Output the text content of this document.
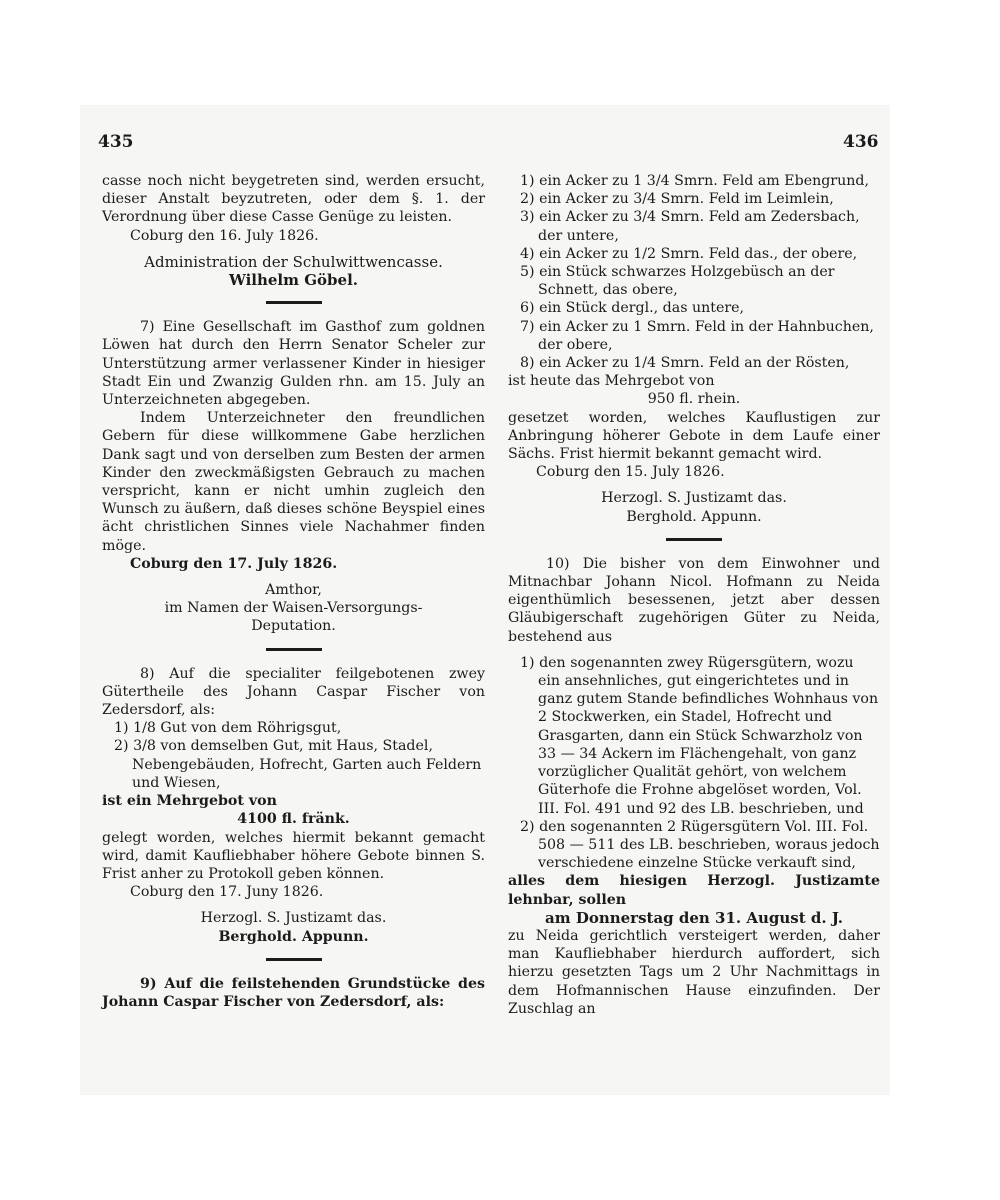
435	436

casse noch nicht beygetreten sind, werden ersucht, dieser Anstalt beyzutreten, oder dem §. 1. der Verordnung über diese Casse Genüge zu leisten.

Coburg den 16. July 1826.

Administration der Schulwittwencasse.

Wilhelm Göbel.

7) Eine Gesellschaft im Gasthof zum goldnen Löwen hat durch den Herrn Senator Scheler zur Unterstützung armer verlassener Kinder in hiesiger Stadt Ein und Zwanzig Gulden rhn. am 15. July an Unterzeichneten abgegeben.

Indem Unterzeichneter den freundlichen Gebern für diese willkommene Gabe herzlichen Dank sagt und von derselben zum Besten der armen Kinder den zweckmäßigsten Gebrauch zu machen verspricht, kann er nicht umhin zugleich den Wunsch zu äußern, daß dieses schöne Beyspiel eines ächt christlichen Sinnes viele Nachahmer finden möge.

Coburg den 17. July 1826.

Amthor,

im Namen der Waisen-Versorgungs-

Deputation.

8) Auf die specialiter feilgebotenen zwey Gütertheile des Johann Caspar Fischer von Zedersdorf, als:

1) 1/8 Gut von dem Röhrigsgut,

2) 3/8 von demselben Gut, mit Haus, Stadel, Nebengebäuden, Hofrecht, Garten auch Feldern und Wiesen,

ist ein Mehrgebot von

4100 fl. fränk.

gelegt worden, welches hiermit bekannt gemacht wird, damit Kaufliebhaber höhere Gebote binnen S. Frist anher zu Protokoll geben können.

Coburg den 17. Juny 1826.

Herzogl. S. Justizamt das.

Berghold. Appunn.

9) Auf die feilstehenden Grundstücke des Johann Caspar Fischer von Zedersdorf, als:

1) ein Acker zu 1 3/4 Smrn. Feld am Ebengrund,

2) ein Acker zu 3/4 Smrn. Feld im Leimlein,

3) ein Acker zu 3/4 Smrn. Feld am Zedersbach, der untere,

4) ein Acker zu 1/2 Smrn. Feld das., der obere,

5) ein Stück schwarzes Holzgebüsch an der Schnett, das obere,

6) ein Stück dergl., das untere,

7) ein Acker zu 1 Smrn. Feld in der Hahnbuchen, der obere,

8) ein Acker zu 1/4 Smrn. Feld an der Rösten,

ist heute das Mehrgebot von

950 fl. rhein.

gesetzet worden, welches Kauflustigen zur Anbringung höherer Gebote in dem Laufe einer Sächs. Frist hiermit bekannt gemacht wird.

Coburg den 15. July 1826.

Herzogl. S. Justizamt das.

Berghold. Appunn.

10) Die bisher von dem Einwohner und Mitnachbar Johann Nicol. Hofmann zu Neida eigenthümlich besessenen, jetzt aber dessen Gläubigerschaft zugehörigen Güter zu Neida, bestehend aus

1) den sogenannten zwey Rügersgütern, wozu ein ansehnliches, gut eingerichtetes und in ganz gutem Stande befindliches Wohnhaus von 2 Stockwerken, ein Stadel, Hofrecht und Grasgarten, dann ein Stück Schwarzholz von 33 — 34 Ackern im Flächengehalt, von ganz vorzüglicher Qualität gehört, von welchem Güterhofe die Frohne abgelöset worden, Vol. III. Fol. 491 und 92 des LB. beschrieben, und

2) den sogenannten 2 Rügersgütern Vol. III. Fol. 508 — 511 des LB. beschrieben, woraus jedoch verschiedene einzelne Stücke verkauft sind,

alles dem hiesigen Herzogl. Justizamte lehnbar, sollen

am Donnerstag den 31. August d. J.

zu Neida gerichtlich versteigert werden, daher man Kaufliebhaber hierdurch auffordert, sich hierzu gesetzten Tags um 2 Uhr Nachmittags in dem Hofmannischen Hause einzufinden. Der Zuschlag an
